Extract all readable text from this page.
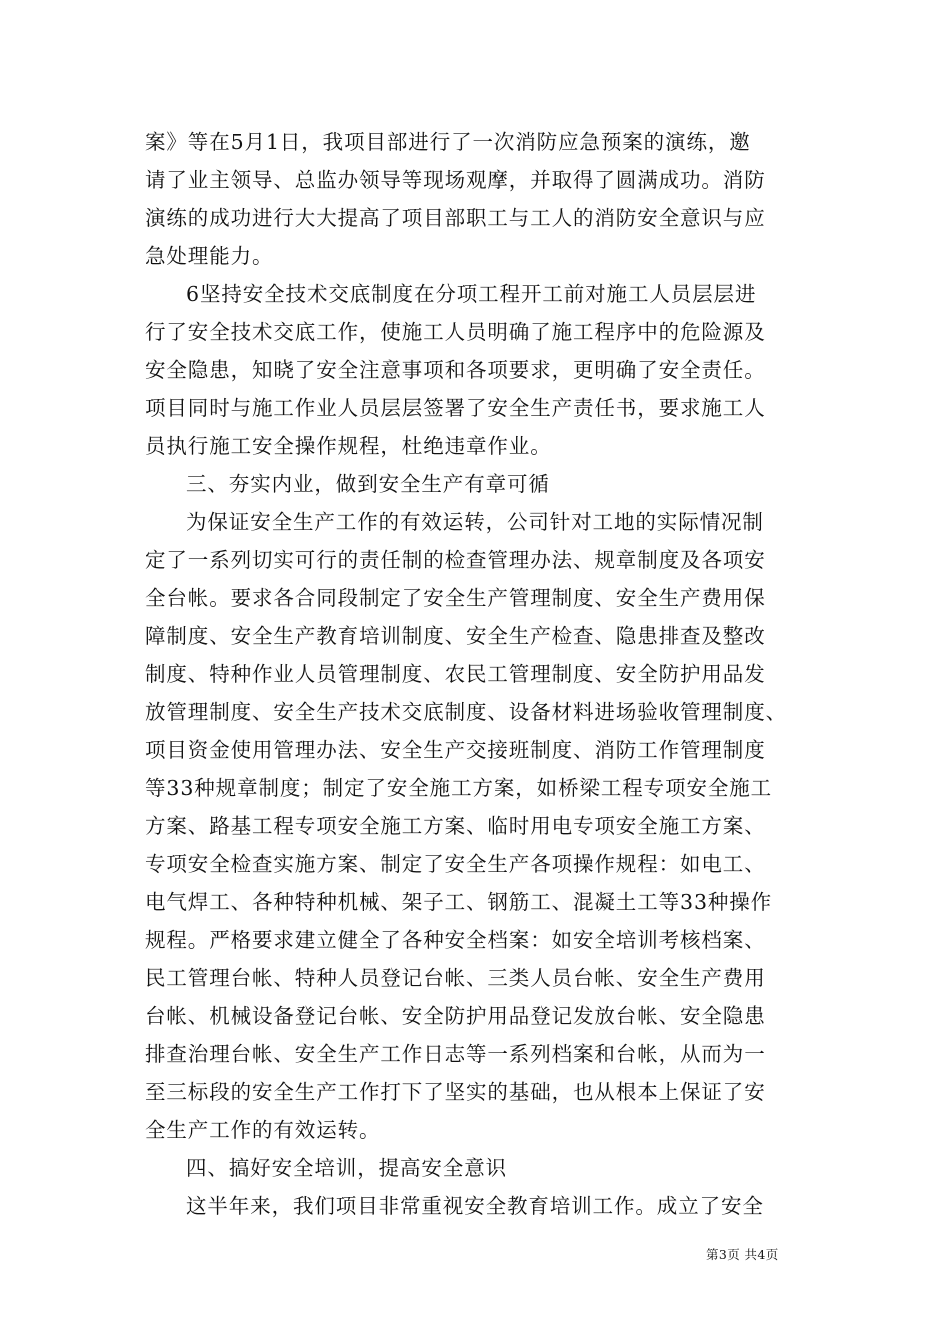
案》等在5月1日，我项目部进行了一次消防应急预案的演练，邀
请了业主领导、总监办领导等现场观摩，并取得了圆满成功。消防
演练的成功进行大大提高了项目部职工与工人的消防安全意识与应
急处理能力。
6坚持安全技术交底制度在分项工程开工前对施工人员层层进
行了安全技术交底工作，使施工人员明确了施工程序中的危险源及
安全隐患，知晓了安全注意事项和各项要求，更明确了安全责任。
项目同时与施工作业人员层层签署了安全生产责任书，要求施工人
员执行施工安全操作规程，杜绝违章作业。
三、夯实内业，做到安全生产有章可循
为保证安全生产工作的有效运转，公司针对工地的实际情况制
定了一系列切实可行的责任制的检查管理办法、规章制度及各项安
全台帐。要求各合同段制定了安全生产管理制度、安全生产费用保
障制度、安全生产教育培训制度、安全生产检查、隐患排查及整改
制度、特种作业人员管理制度、农民工管理制度、安全防护用品发
放管理制度、安全生产技术交底制度、设备材料进场验收管理制度、
项目资金使用管理办法、安全生产交接班制度、消防工作管理制度
等33种规章制度；制定了安全施工方案，如桥梁工程专项安全施工
方案、路基工程专项安全施工方案、临时用电专项安全施工方案、
专项安全检查实施方案、制定了安全生产各项操作规程：如电工、
电气焊工、各种特种机械、架子工、钢筋工、混凝土工等33种操作
规程。严格要求建立健全了各种安全档案：如安全培训考核档案、
民工管理台帐、特种人员登记台帐、三类人员台帐、安全生产费用
台帐、机械设备登记台帐、安全防护用品登记发放台帐、安全隐患
排查治理台帐、安全生产工作日志等一系列档案和台帐，从而为一
至三标段的安全生产工作打下了坚实的基础，也从根本上保证了安
全生产工作的有效运转。
四、搞好安全培训，提高安全意识
这半年来，我们项目非常重视安全教育培训工作。成立了安全
第3页 共4页
